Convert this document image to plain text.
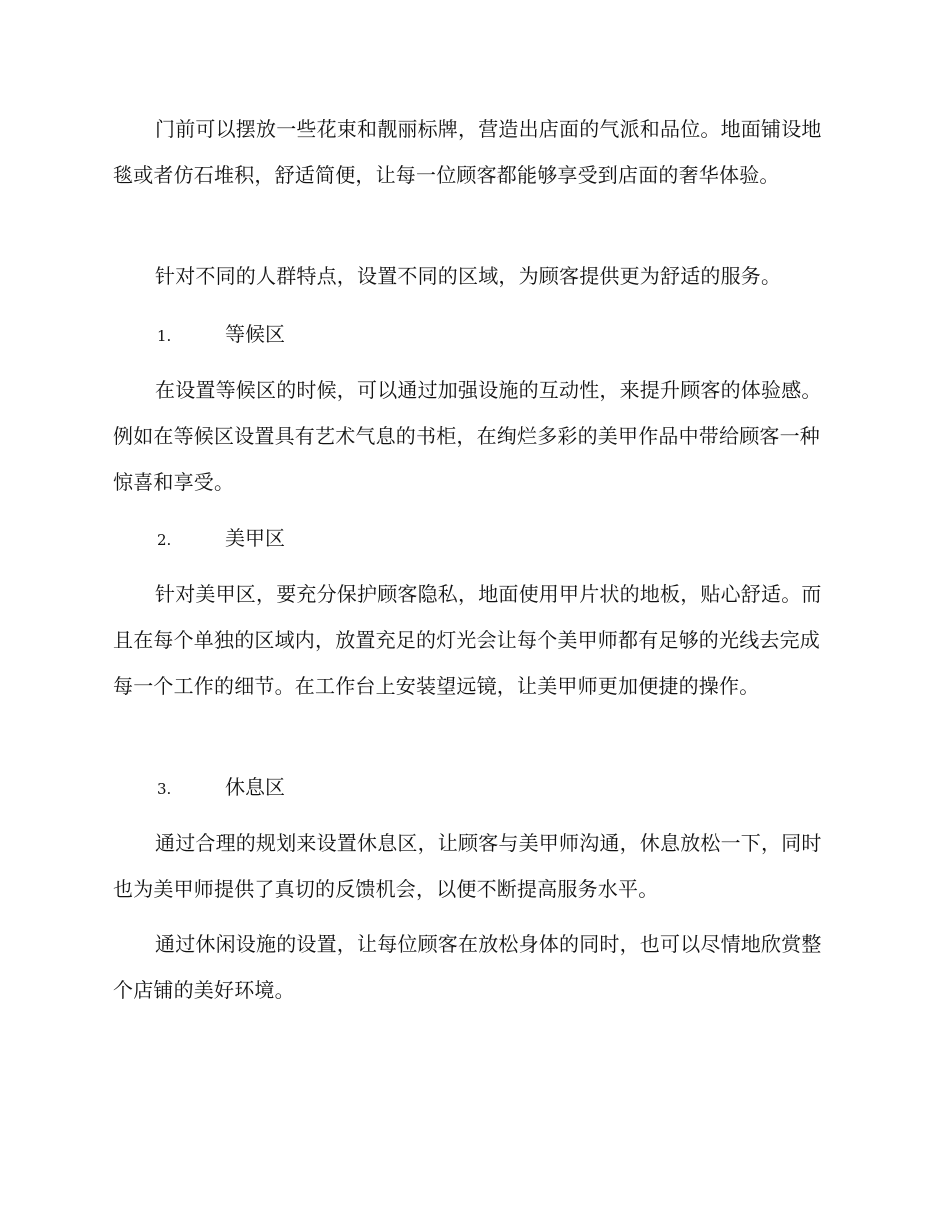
门前可以摆放一些花束和靓丽标牌，营造出店面的气派和品位。地面铺设地毯或者仿石堆积，舒适简便，让每一位顾客都能够享受到店面的奢华体验。

针对不同的人群特点，设置不同的区域，为顾客提供更为舒适的服务。

1.	等候区

在设置等候区的时候，可以通过加强设施的互动性，来提升顾客的体验感。例如在等候区设置具有艺术气息的书柜，在绚烂多彩的美甲作品中带给顾客一种惊喜和享受。

2.	美甲区

针对美甲区，要充分保护顾客隐私，地面使用甲片状的地板，贴心舒适。而且在每个单独的区域内，放置充足的灯光会让每个美甲师都有足够的光线去完成每一个工作的细节。在工作台上安装望远镜，让美甲师更加便捷的操作。

3.	休息区

通过合理的规划来设置休息区，让顾客与美甲师沟通，休息放松一下，同时也为美甲师提供了真切的反馈机会，以便不断提高服务水平。

通过休闲设施的设置，让每位顾客在放松身体的同时，也可以尽情地欣赏整个店铺的美好环境。
